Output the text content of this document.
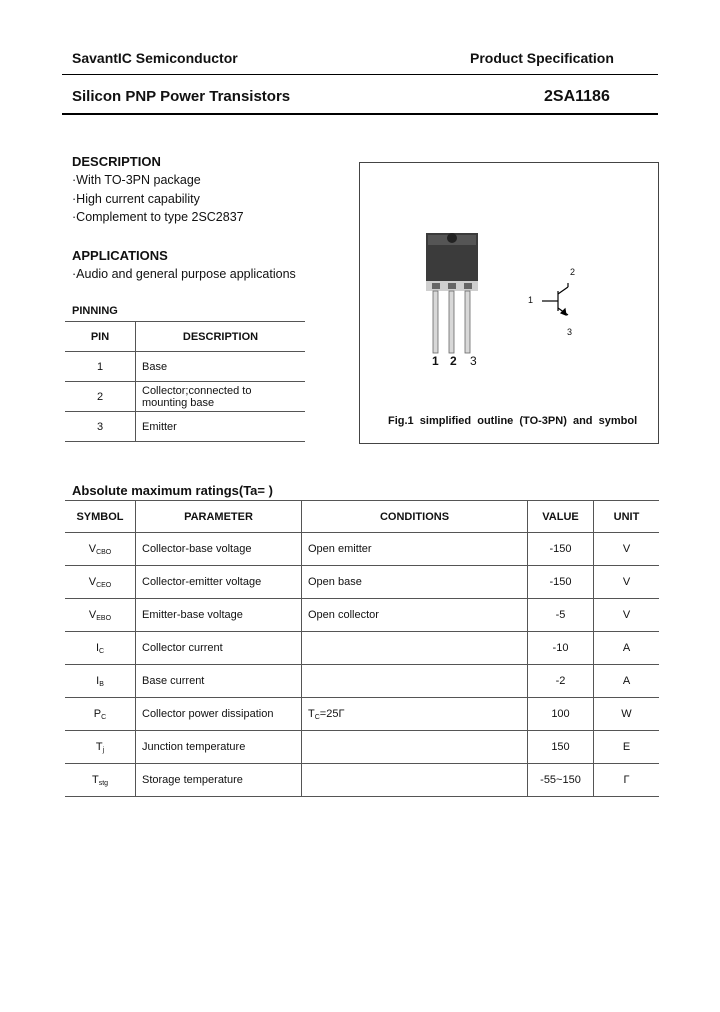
SavantIC Semiconductor	Product Specification
Silicon PNP Power Transistors	2SA1186
DESCRIPTION
·With TO-3PN package
·High current capability
·Complement to type 2SC2837
APPLICATIONS
·Audio and general purpose applications
PINNING
PIN	DESCRIPTION
1	Base
2	Collector;connected to mounting base
3	Emitter
1 2 3
1
2
3
Fig.1  simplified  outline  (TO-3PN)  and  symbol
Absolute maximum ratings(Ta= )
SYMBOL	PARAMETER	CONDITIONS	VALUE	UNIT
$V_{CBO}$	Collector-base voltage	Open emitter	-150	V
$V_{CEO}$	Collector-emitter voltage	Open base	-150	V
$V_{EBO}$	Emitter-base voltage	Open collector	-5	V
$I_C$	Collector current		-10	A
$I_B$	Base current		-2	A
$P_C$	Collector power dissipation	$T_C=25\Gamma$	100	W
$T_j$	Junction temperature		150	Ε
$T_{stg}$	Storage temperature		-55~150	Γ
